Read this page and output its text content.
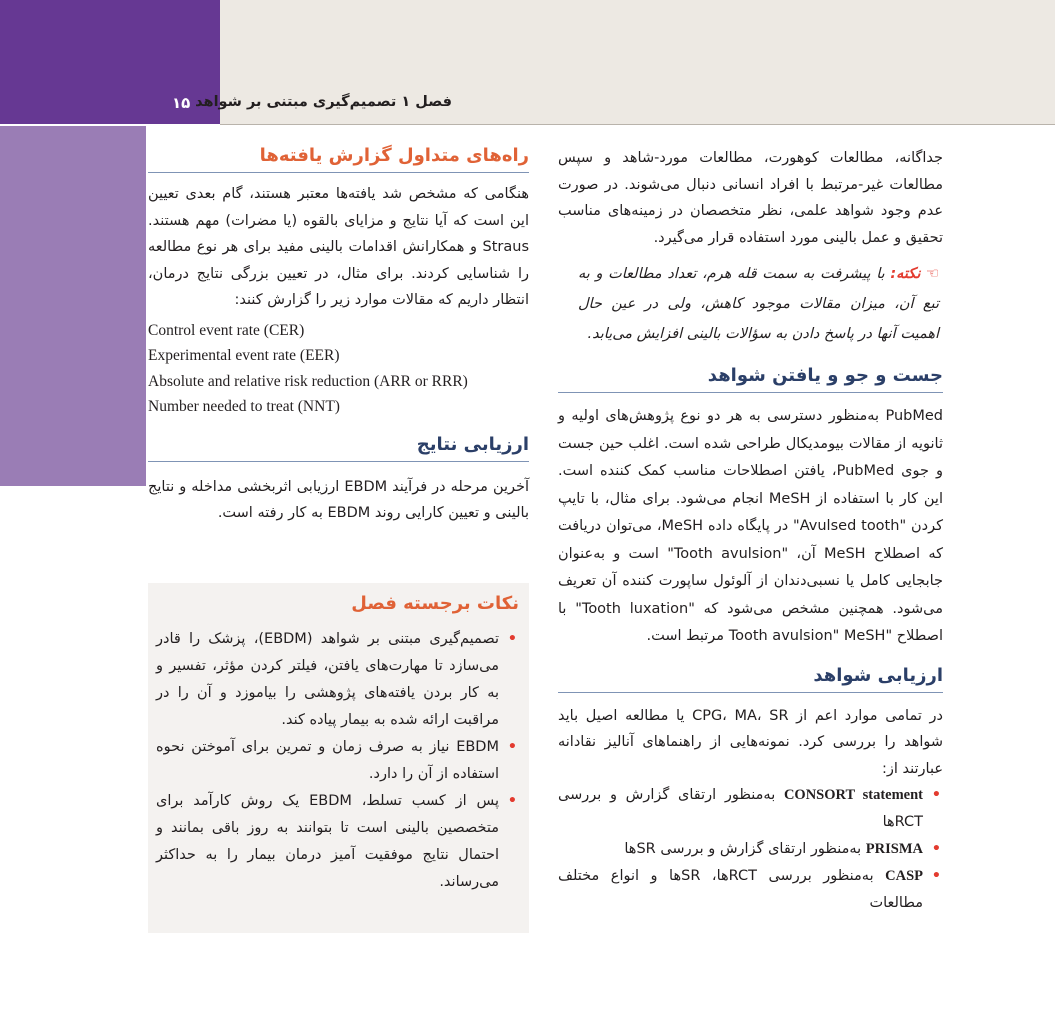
۱۵ فصل ۱ تصمیم‌گیری مبتنی بر شواهد

جداگانه، مطالعات کوهورت، مطالعات مورد-شاهد و سپس مطالعات غیر-مرتبط با افراد انسانی دنبال می‌شوند. در صورت عدم وجود شواهد علمی، نظر متخصصان در زمینه‌های مناسب تحقیق و عمل بالینی مورد استفاده قرار می‌گیرد.

☜ نکته: با پیشرفت به سمت قله هرم، تعداد مطالعات و به تبع آن، میزان مقالات موجود کاهش، ولی در عین حال اهمیت آنها در پاسخ دادن به سؤالات بالینی افزایش می‌یابد.
جست و جو و یافتن شواهد

PubMed به‌منظور دسترسی به هر دو نوع پژوهش‌های اولیه و ثانویه از مقالات بیومدیکال طراحی شده است. اغلب حین جست و جوی PubMed، یافتن اصطلاحات مناسب کمک کننده است. این کار با استفاده از MeSH انجام می‌شود. برای مثال، با تایپ کردن "Avulsed tooth" در پایگاه داده MeSH، می‌توان دریافت که اصطلاح MeSH آن، "Tooth avulsion" است و به‌عنوان جابجایی کامل یا نسبی‌دندان از آلوئول ساپورت کننده آن تعریف می‌شود. همچنین مشخص می‌شود که "Tooth luxation" با اصطلاح "Tooth avulsion" MeSH مرتبط است.

ارزیابی شواهد

در تمامی موارد اعم از CPG، MA، SR یا مطالعه اصیل باید شواهد را بررسی کرد. نمونه‌هایی از راهنماهای آنالیز نقادانه عبارتند از:

•
CONSORT statement به‌منظور ارتقای گزارش و بررسی RCTها
•
PRISMA به‌منظور ارتقای گزارش و بررسی SRها
•
CASP به‌منظور بررسی RCTها، SRها و انواع مختلف مطالعات
راه‌های متداول گزارش یافته‌ها

هنگامی که مشخص شد یافته‌ها معتبر هستند، گام بعدی تعیین این است که آیا نتایج و مزایای بالقوه (یا مضرات) مهم هستند. Straus و همکارانش اقدامات بالینی مفید برای هر نوع مطالعه را شناسایی کردند. برای مثال، در تعیین بزرگی نتایج درمان، انتظار داریم که مقالات موارد زیر را گزارش کنند:

Control event rate (CER)
Experimental event rate (EER)
Absolute and relative risk reduction (ARR or RRR)
Number needed to treat (NNT)
ارزیابی نتایج

آخرین مرحله در فرآیند EBDM ارزیابی اثربخشی مداخله و نتایج بالینی و تعیین کارایی روند EBDM به کار رفته است.

نکات برجسته فصل
•
تصمیم‌گیری مبتنی بر شواهد (EBDM)، پزشک را قادر می‌سازد تا مهارت‌های یافتن، فیلتر کردن مؤثر، تفسیر و به کار بردن یافته‌های پژوهشی را بیاموزد و آن را در مراقبت ارائه شده به بیمار پیاده کند.
•
EBDM نیاز به صرف زمان و تمرین برای آموختن نحوه استفاده از آن را دارد.
•
پس از کسب تسلط، EBDM یک روش کارآمد برای متخصصین بالینی است تا بتوانند به روز باقی بمانند و احتمال نتایج موفقیت آمیز درمان بیمار را به حداکثر می‌رساند.
